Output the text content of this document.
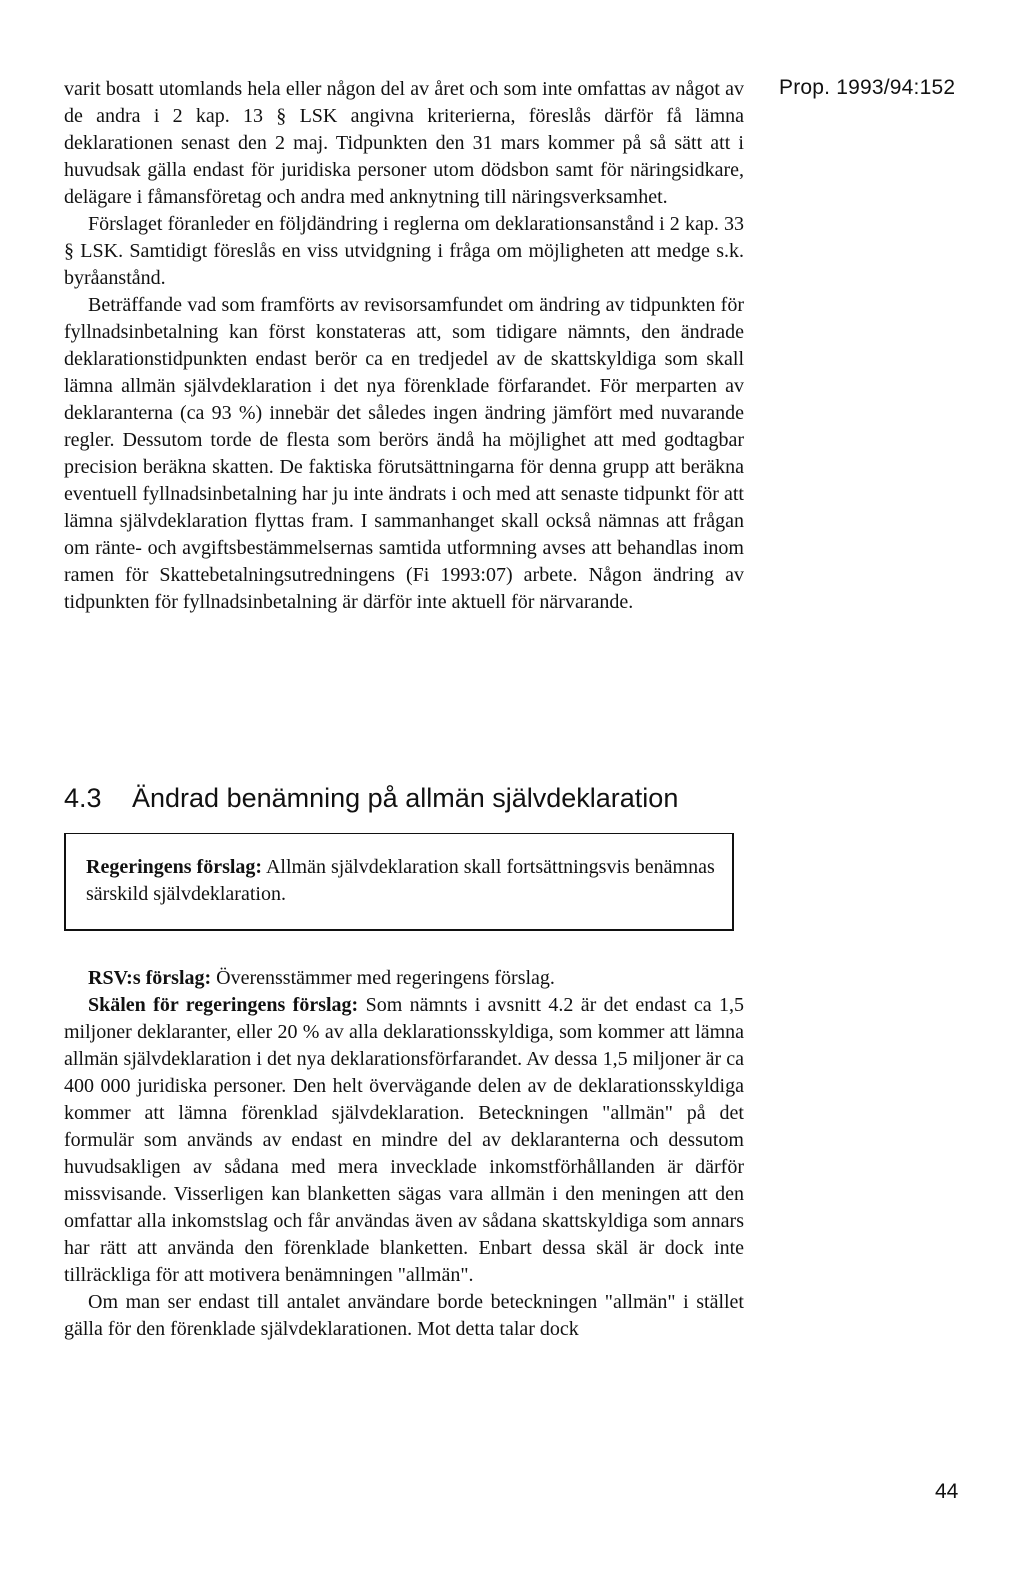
Prop. 1993/94:152

varit bosatt utomlands hela eller någon del av året och som inte omfattas av något av de andra i 2 kap. 13 § LSK angivna kriterierna, föreslås därför få lämna deklarationen senast den 2 maj. Tidpunkten den 31 mars kommer på så sätt att i huvudsak gälla endast för juridiska personer utom dödsbon samt för näringsidkare, delägare i fåmansföretag och andra med anknytning till näringsverksamhet.

Förslaget föranleder en följdändring i reglerna om deklarationsanstånd i 2 kap. 33 § LSK. Samtidigt föreslås en viss utvidgning i fråga om möjligheten att medge s.k. byråanstånd.

Beträffande vad som framförts av revisorsamfundet om ändring av tidpunkten för fyllnadsinbetalning kan först konstateras att, som tidigare nämnts, den ändrade deklarationstidpunkten endast berör ca en tredjedel av de skattskyldiga som skall lämna allmän självdeklaration i det nya förenklade förfarandet. För merparten av deklaranterna (ca 93 %) innebär det således ingen ändring jämfört med nuvarande regler. Dessutom torde de flesta som berörs ändå ha möjlighet att med godtagbar precision beräkna skatten. De faktiska förutsättningarna för denna grupp att beräkna eventuell fyllnadsinbetalning har ju inte ändrats i och med att senaste tidpunkt för att lämna självdeklaration flyttas fram. I sammanhanget skall också nämnas att frågan om ränte- och avgiftsbestämmelsernas samtida utformning avses att behandlas inom ramen för Skattebetalningsutredningens (Fi 1993:07) arbete. Någon ändring av tidpunkten för fyllnadsinbetalning är därför inte aktuell för närvarande.

4.3 Ändrad benämning på allmän självdeklaration
Regeringens förslag: Allmän självdeklaration skall fortsättningsvis benämnas särskild självdeklaration.

RSV:s förslag: Överensstämmer med regeringens förslag.

Skälen för regeringens förslag: Som nämnts i avsnitt 4.2 är det endast ca 1,5 miljoner deklaranter, eller 20 % av alla deklarationsskyldiga, som kommer att lämna allmän självdeklaration i det nya deklarationsförfarandet. Av dessa 1,5 miljoner är ca 400 000 juridiska personer. Den helt övervägande delen av de deklarationsskyldiga kommer att lämna förenklad självdeklaration. Beteckningen "allmän" på det formulär som används av endast en mindre del av deklaranterna och dessutom huvudsakligen av sådana med mera invecklade inkomstförhållanden är därför missvisande. Visserligen kan blanketten sägas vara allmän i den meningen att den omfattar alla inkomstslag och får användas även av sådana skattskyldiga som annars har rätt att använda den förenklade blanketten. Enbart dessa skäl är dock inte tillräckliga för att motivera benämningen "allmän".

Om man ser endast till antalet användare borde beteckningen "allmän" i stället gälla för den förenklade självdeklarationen. Mot detta talar dock

44
